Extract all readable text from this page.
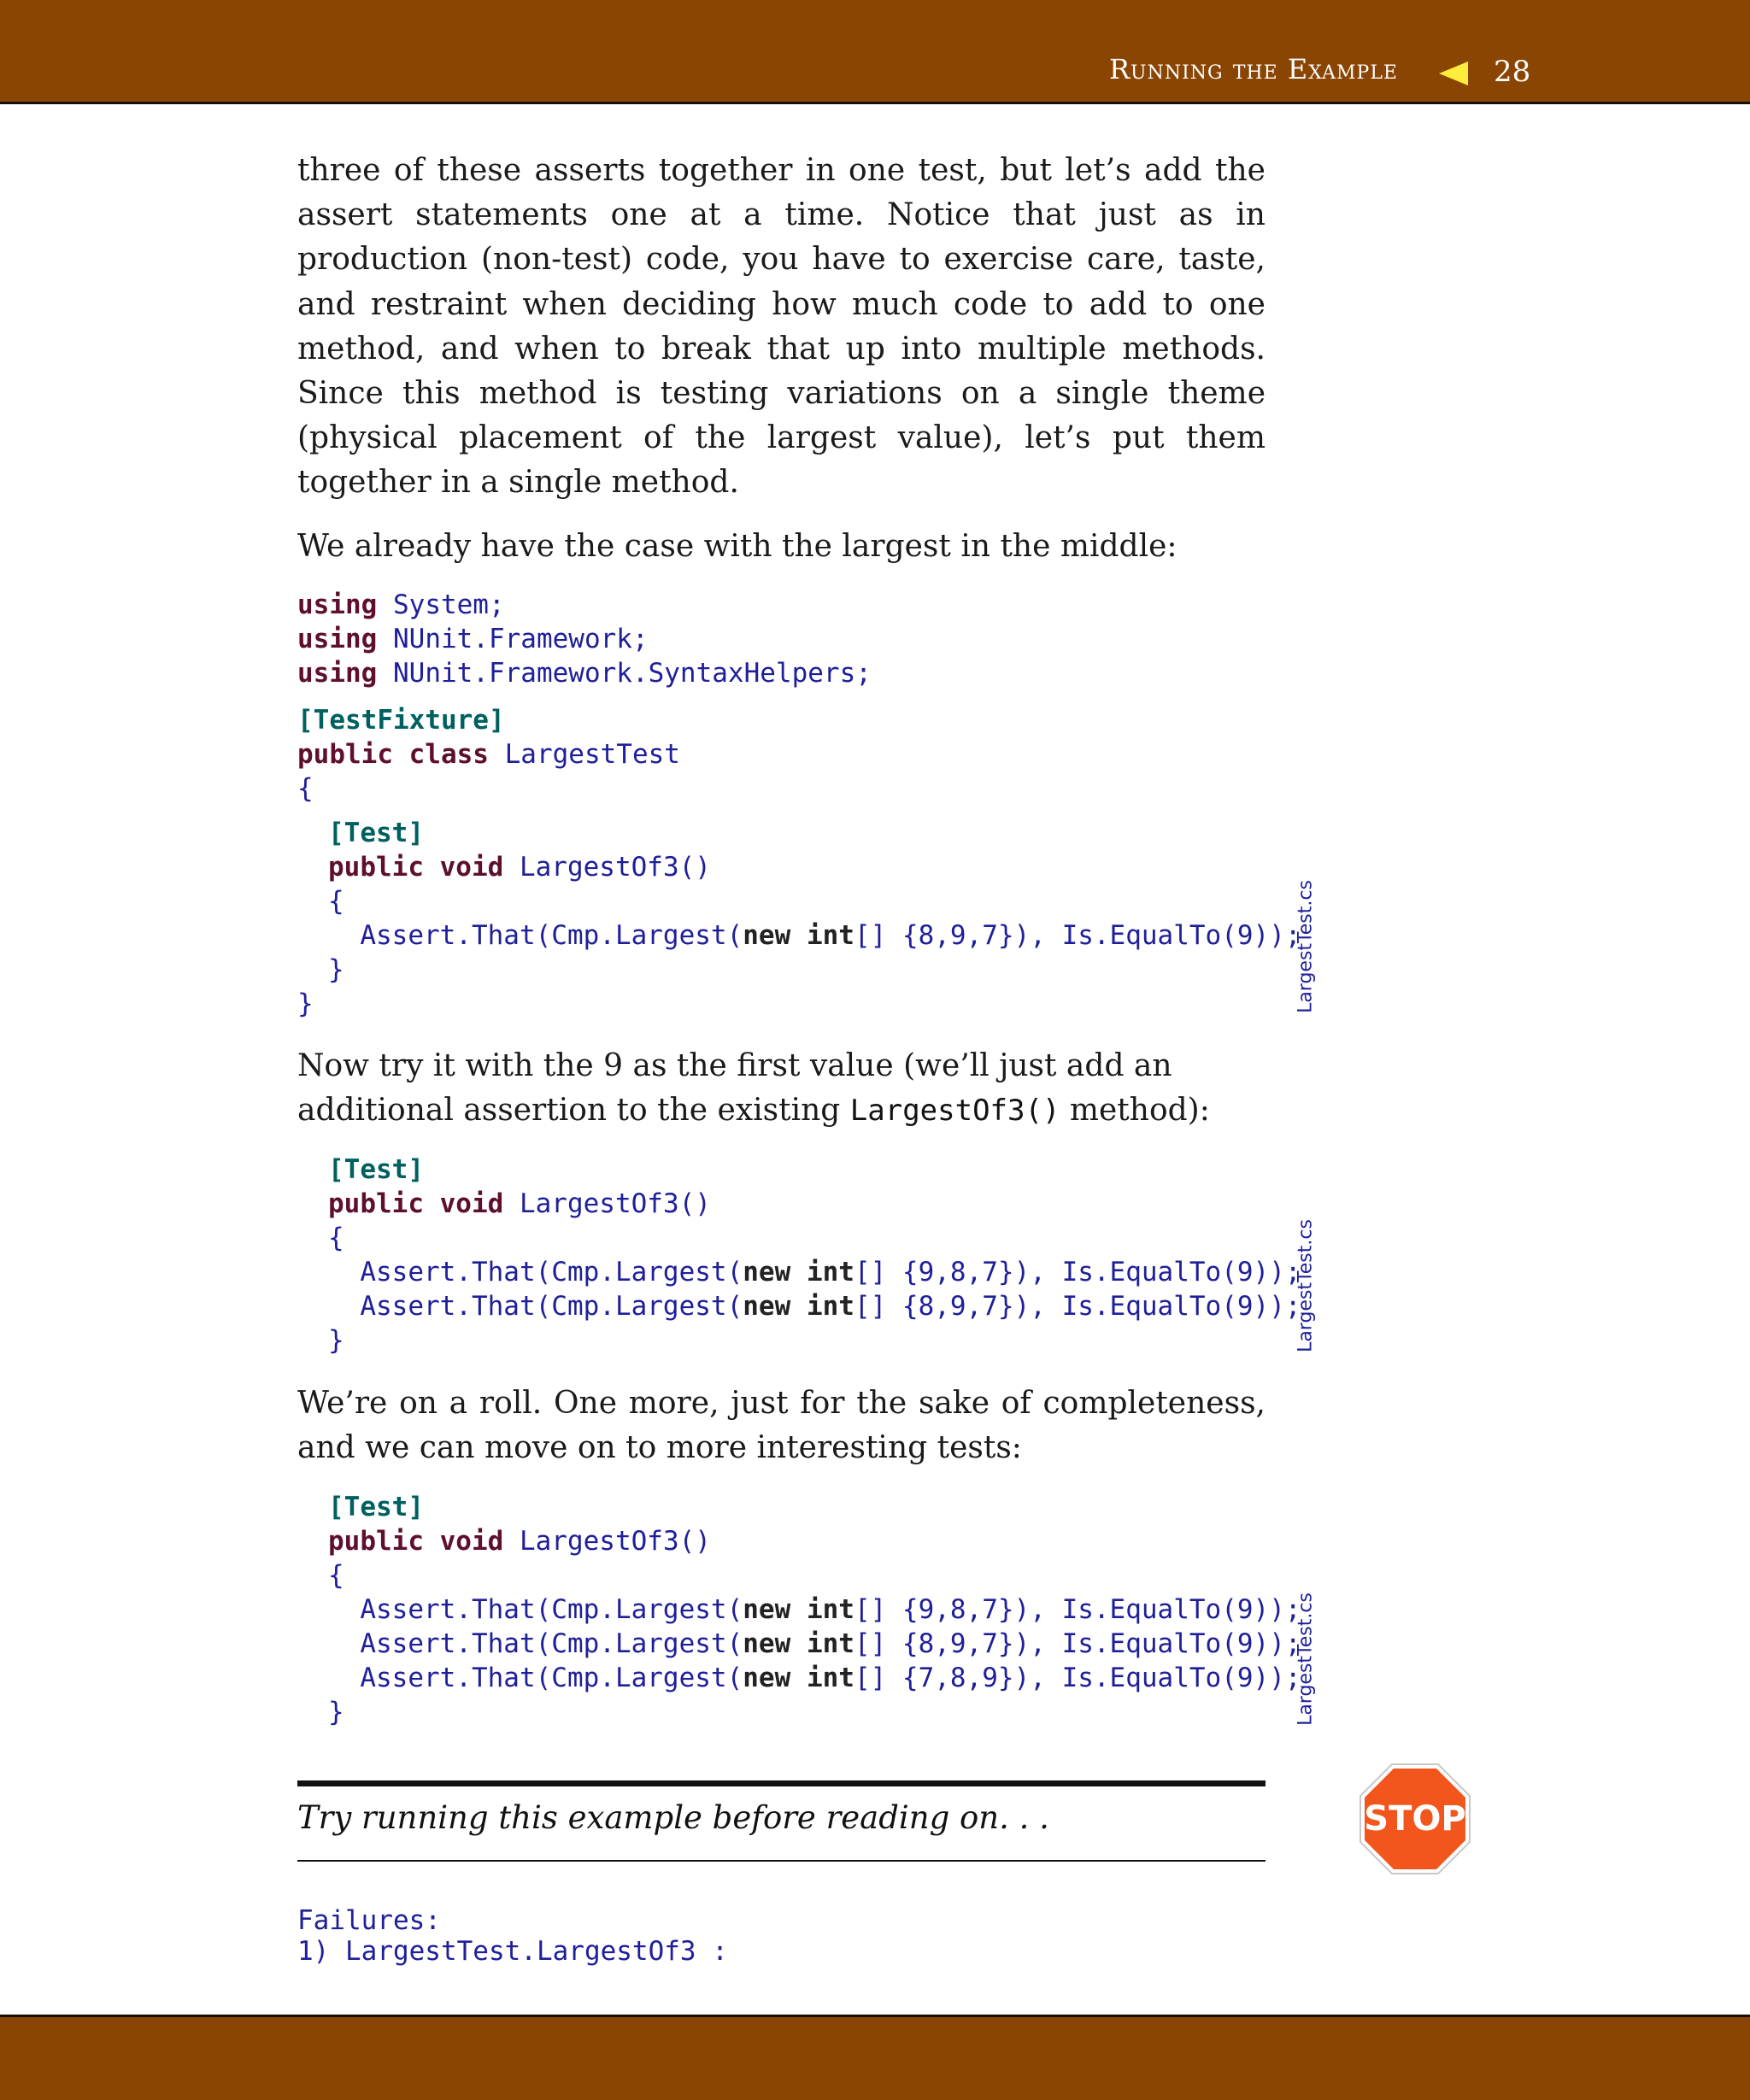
Running the Example	28

three of these asserts together in one test, but let’s add the assert statements one at a time. Notice that just as in production (non-test) code, you have to exercise care, taste, and restraint when deciding how much code to add to one method, and when to break that up into multiple methods. Since this method is testing variations on a single theme (physical placement of the largest value), let’s put them together in a single method.

We already have the case with the largest in the middle:

using System;
using NUnit.Framework;
using NUnit.Framework.SyntaxHelpers;
[TestFixture]
public class LargestTest
{
[Test]
public void LargestOf3()
{
Assert.That(Cmp.Largest(new int[] {8,9,7}), Is.EqualTo(9));
}
}	LargestTest.cs

Now try it with the 9 as the first value (we’ll just add an additional assertion to the existing LargestOf3() method):

[Test]
public void LargestOf3()
{
Assert.That(Cmp.Largest(new int[] {9,8,7}), Is.EqualTo(9));
Assert.That(Cmp.Largest(new int[] {8,9,7}), Is.EqualTo(9));
}	LargestTest.cs

We’re on a roll. One more, just for the sake of completeness, and we can move on to more interesting tests:

[Test]
public void LargestOf3()
{
Assert.That(Cmp.Largest(new int[] {9,8,7}), Is.EqualTo(9));
Assert.That(Cmp.Largest(new int[] {8,9,7}), Is.EqualTo(9));
Assert.That(Cmp.Largest(new int[] {7,8,9}), Is.EqualTo(9));
}	LargestTest.cs

Try running this example before reading on. . .	STOP
Failures:
1) LargestTest.LargestOf3 :
